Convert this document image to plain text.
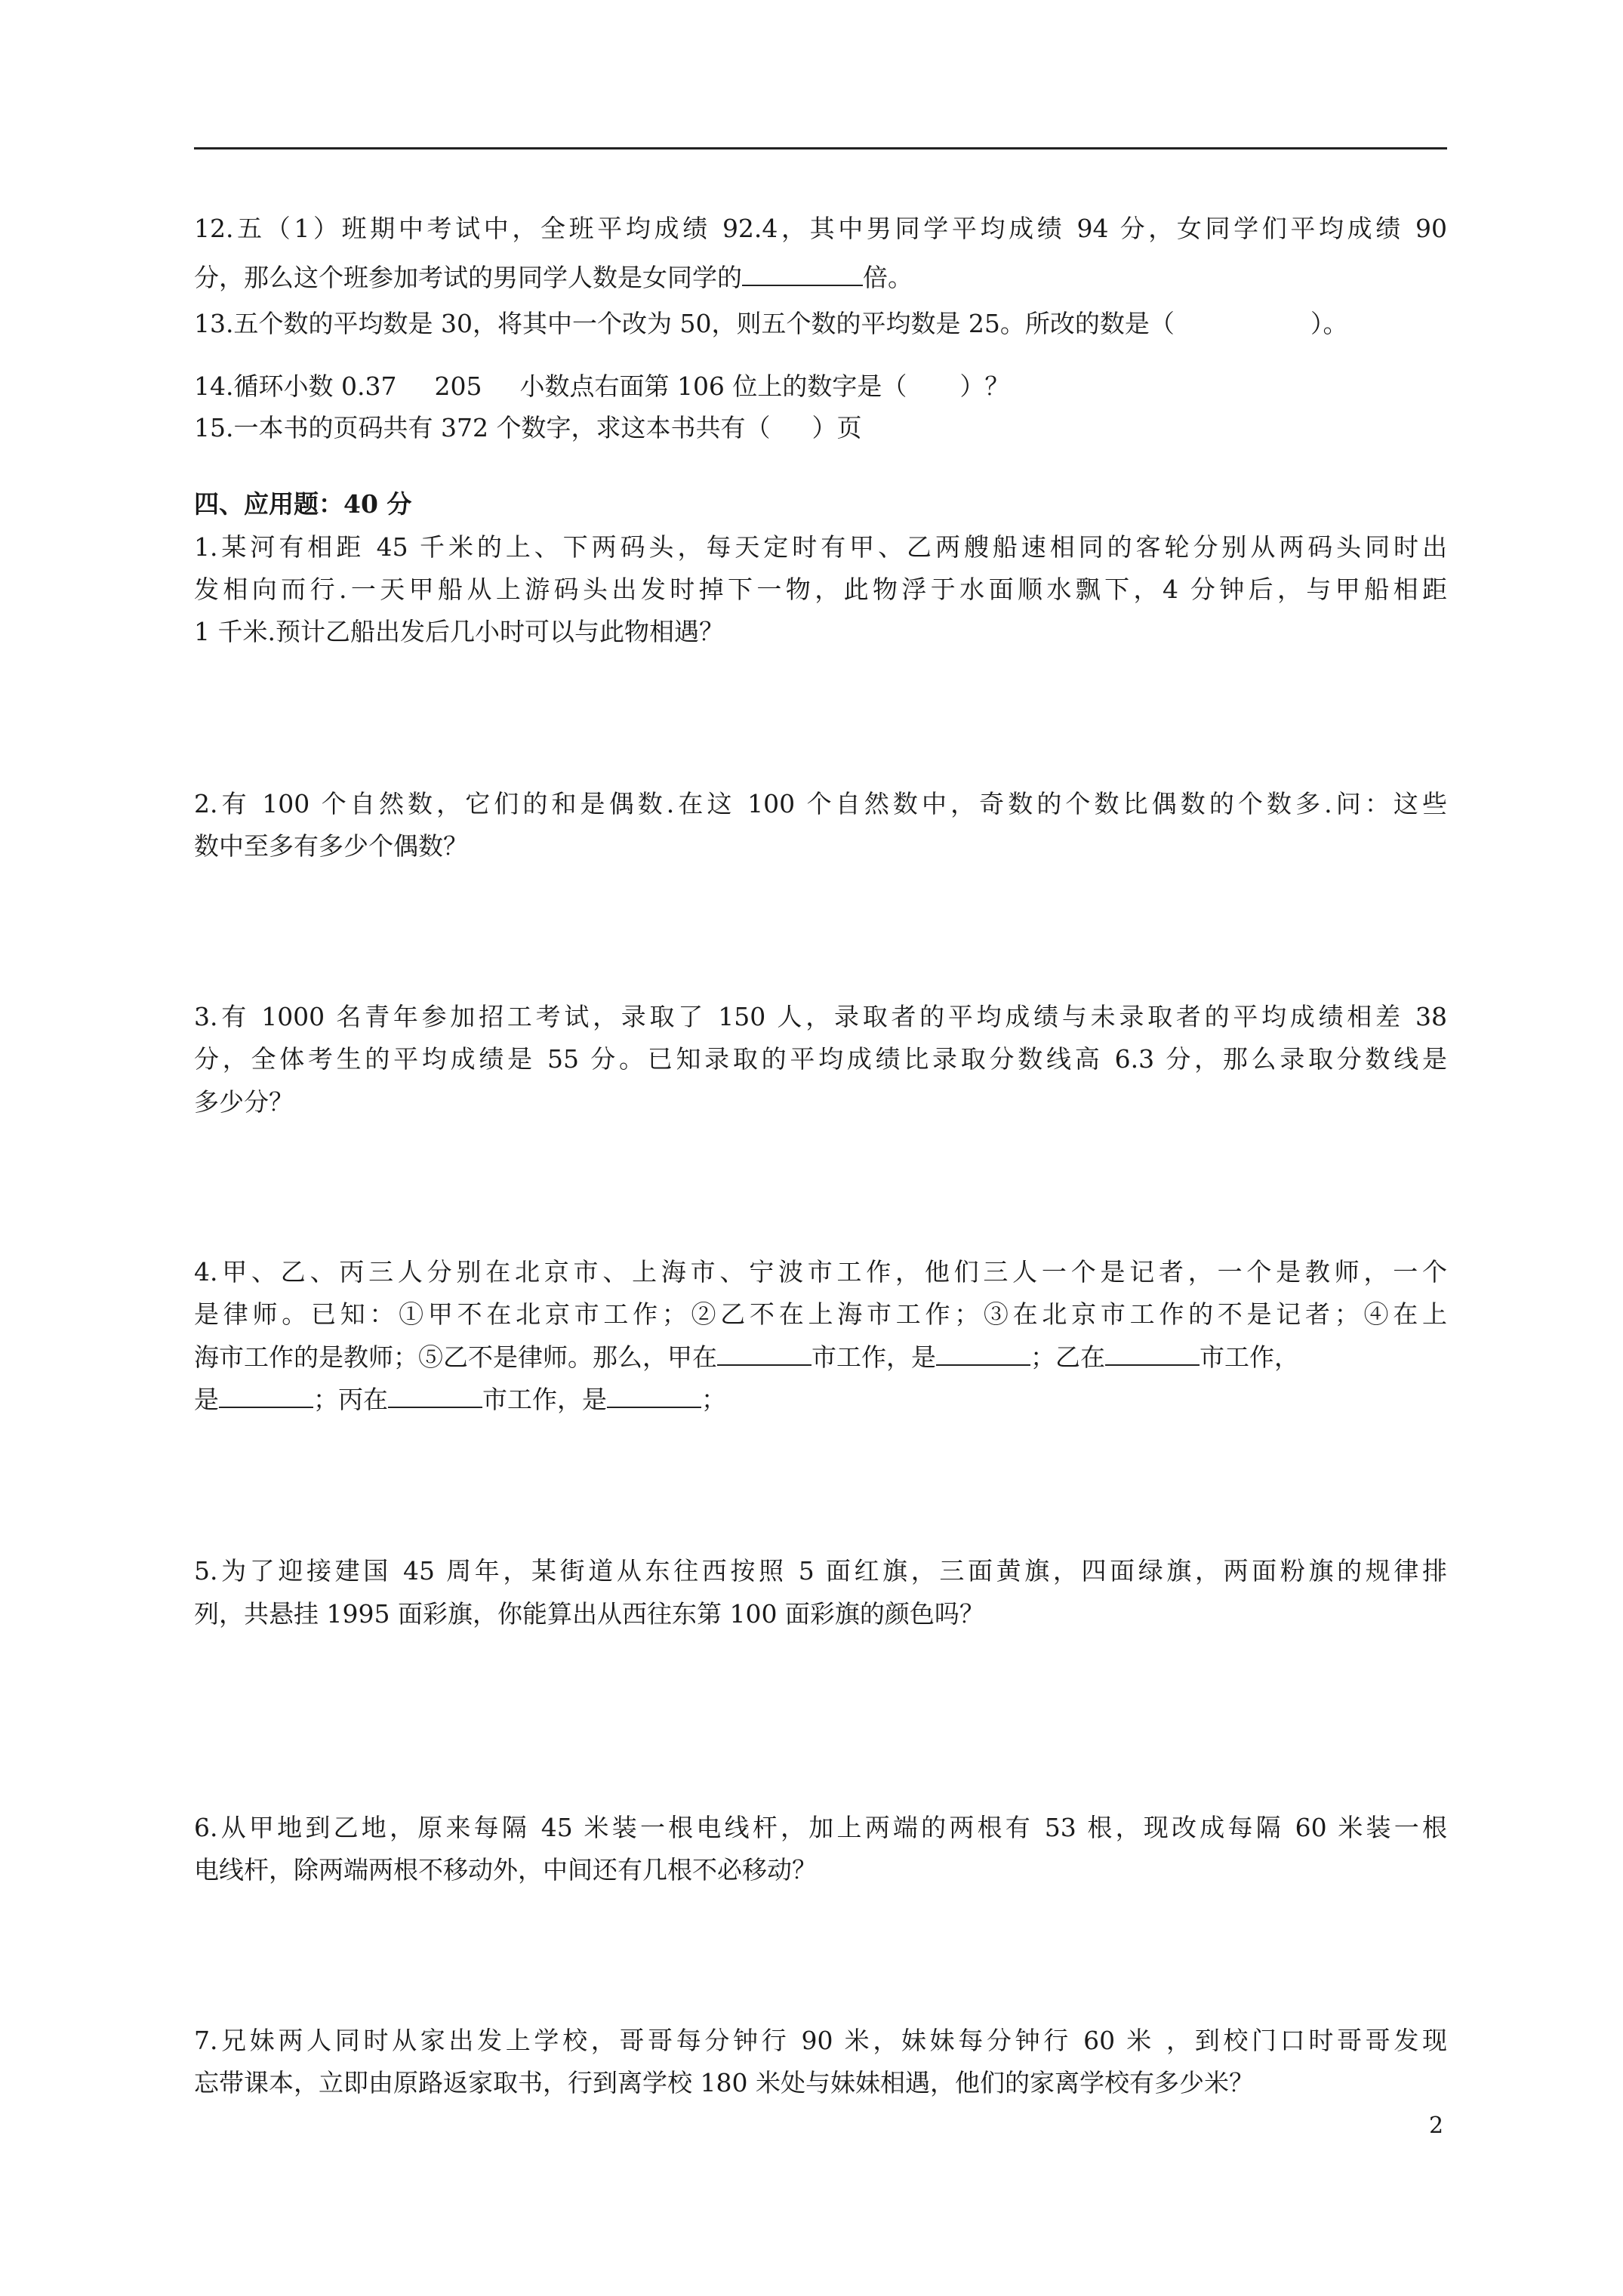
12.五（1）班期中考试中，全班平均成绩 92.4，其中男同学平均成绩 94 分，女同学们平均成绩 90
分，那么这个班参加考试的男同学人数是女同学的	倍。
13.五个数的平均数是 30，将其中一个改为 50，则五个数的平均数是 25。所改的数是（	）。
14.循环小数 0.37 205 小数点右面第 106 位上的数字是（ ）？
15.一本书的页码共有 372 个数字，求这本书共有（ ）页
四、应用题：40 分
1.某河有相距 45 千米的上、下两码头，每天定时有甲、乙两艘船速相同的客轮分别从两码头同时出
发相向而行.一天甲船从上游码头出发时掉下一物，此物浮于水面顺水飘下，4 分钟后，与甲船相距
1 千米.预计乙船出发后几小时可以与此物相遇？
2.有 100 个自然数，它们的和是偶数.在这 100 个自然数中，奇数的个数比偶数的个数多.问：这些
数中至多有多少个偶数？
3.有 1000 名青年参加招工考试，录取了 150 人，录取者的平均成绩与未录取者的平均成绩相差 38
分，全体考生的平均成绩是 55 分。已知录取的平均成绩比录取分数线高 6.3 分，那么录取分数线是
多少分？
4.甲、乙、丙三人分别在北京市、上海市、宁波市工作，他们三人一个是记者，一个是教师，一个
是律师。已知：①甲不在北京市工作；②乙不在上海市工作；③在北京市工作的不是记者；④在上
海市工作的是教师；⑤乙不是律师。那么，甲在	市工作，是	；乙在	市工作，
是	；丙在	市工作，是	；
5.为了迎接建国 45 周年，某街道从东往西按照 5 面红旗，三面黄旗，四面绿旗，两面粉旗的规律排
列，共悬挂 1995 面彩旗，你能算出从西往东第 100 面彩旗的颜色吗？
6.从甲地到乙地，原来每隔 45 米装一根电线杆，加上两端的两根有 53 根，现改成每隔 60 米装一根
电线杆，除两端两根不移动外，中间还有几根不必移动？
7.兄妹两人同时从家出发上学校，哥哥每分钟行 90 米，妹妹每分钟行 60 米 ，到校门口时哥哥发现
忘带课本，立即由原路返家取书，行到离学校 180 米处与妹妹相遇，他们的家离学校有多少米？
2
